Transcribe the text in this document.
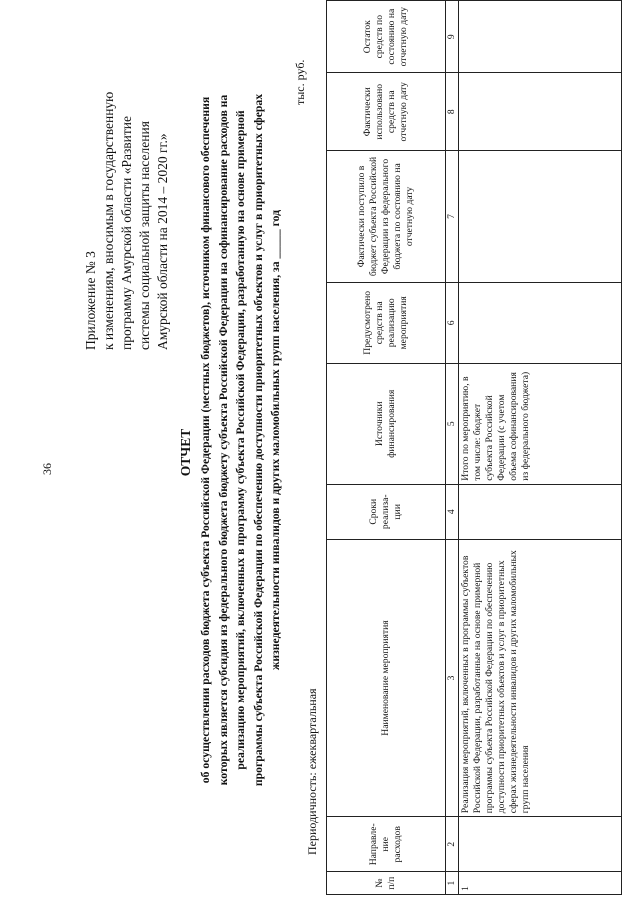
36
Приложение № 3 к изменениям, вносимым в государственную программу Амурской области «Развитие системы социальной защиты населения Амурской области на 2014 – 2020 гг.»
ОТЧЕТ об осуществлении расходов бюджета субъекта Российской Федерации (местных бюджетов), источником финансового обеспечения которых является субсидия из федерального бюджета бюджету субъекта Российской Федерации на софинансирование расходов на реализацию мероприятий, включенных в программу субъекта Российской Федерации, разработанную на основе примерной программы субъекта Российской Федерации по обеспечению доступности приоритетных объектов и услуг в приоритетных сферах жизнедеятельности инвалидов и других маломобильных групп населения, за _____ год
тыс. руб.
Периодичность: ежеквартальная
№ п/п	Направле-ние расходов	Наименование мероприятия	Сроки реализа-ции	Источники финансирования	Предусмотрено средств на реализацию мероприятия	Фактически поступило в бюджет субъекта Российской Федерации из федерального бюджета по состоянию на отчетную дату	Фактически использовано средств на отчетную дату	Остаток средств по состоянию на отчетную дату
1	2	3	4	5	6	7	8	9
1		Реализация мероприятий, включенных в программы субъектов Российской Федерации, разработанные на основе примерной программы субъекта Российской Федерации по обеспечению доступности приоритетных объектов и услуг в приоритетных сферах жизнедеятельности инвалидов и других маломобильных групп населения		Итого по мероприятию, в том числе: бюджет субъекта Российской Федерации (с учетом объема софинансирования из федерального бюджета)				
